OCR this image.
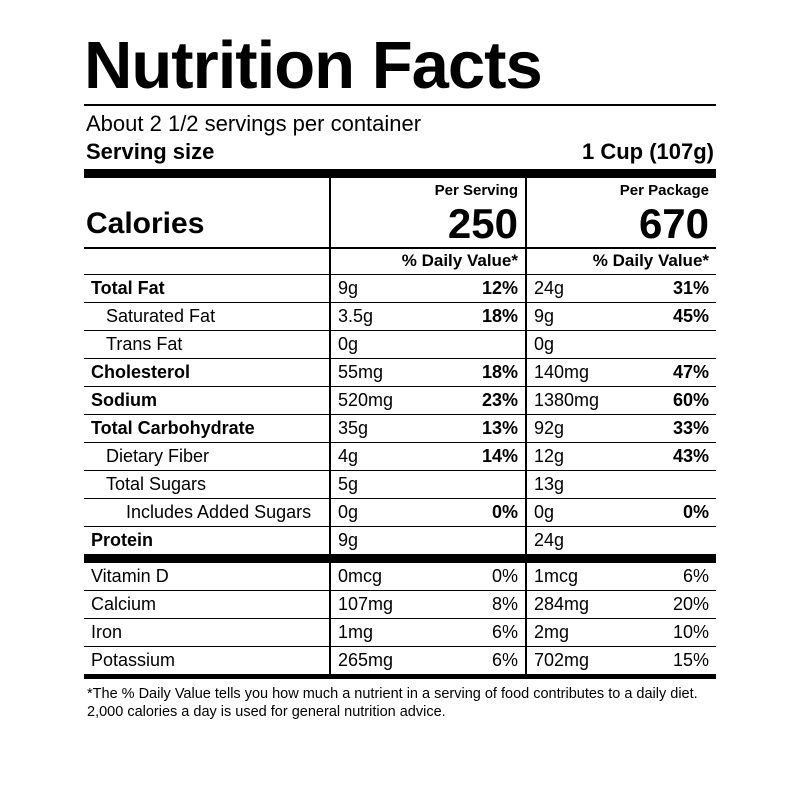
Nutrition Facts
About 2 1/2 servings per container
Serving size	1 Cup (107g)
	Per Serving		Per Package	
Calories	250		670	
	% Daily Value*		% Daily Value*	
Total Fat	9g	12%	24g	31%
Saturated Fat	3.5g	18%	9g	45%
Trans Fat	0g		0g	
Cholesterol	55mg	18%	140mg	47%
Sodium	520mg	23%	1380mg	60%
Total Carbohydrate	35g	13%	92g	33%
Dietary Fiber	4g	14%	12g	43%
Total Sugars	5g		13g	
Includes Added Sugars	0g	0%	0g	0%
Protein	9g		24g	
Vitamin D	0mcg	0%	1mcg	6%
Calcium	107mg	8%	284mg	20%
Iron	1mg	6%	2mg	10%
Potassium	265mg	6%	702mg	15%
*The % Daily Value tells you how much a nutrient in a serving of food contributes to a daily diet.
2,000 calories a day is used for general nutrition advice.
